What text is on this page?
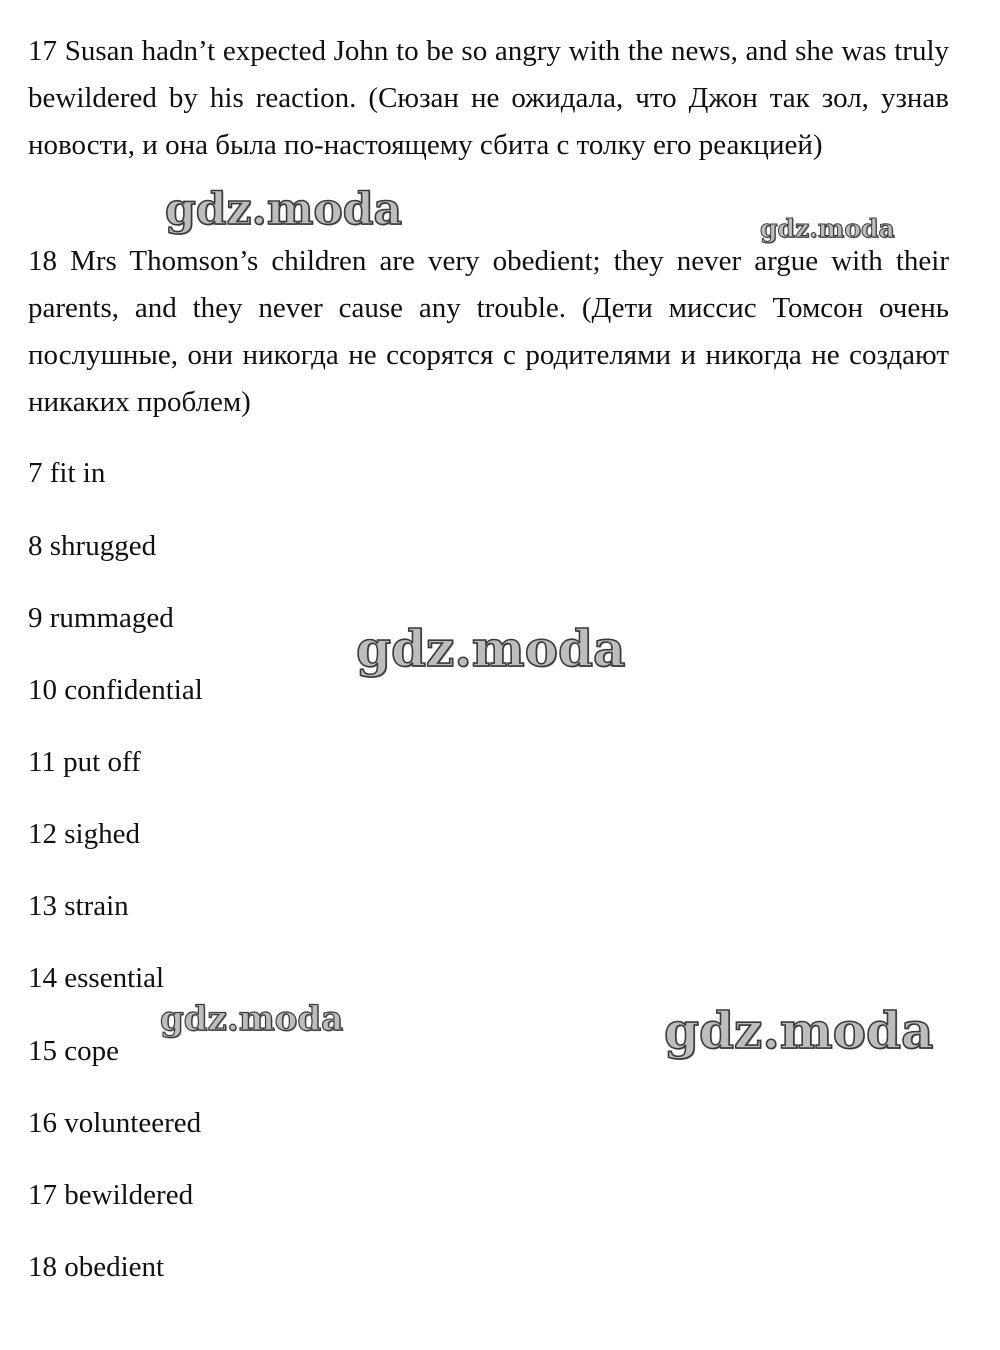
17 Susan hadn’t expected John to be so angry with the news, and she was truly bewildered by his reaction. (Сюзан не ожидала, что Джон так зол, узнав новости, и она была по-настоящему сбита с толку его реакцией)

18 Mrs Thomson’s children are very obedient; they never argue with their parents, and they never cause any trouble. (Дети миссис Томсон очень послушные, они никогда не ссорятся с родителями и никогда не создают никаких проблем)

7 fit in

8 shrugged

9 rummaged

10 confidential

11 put off

12 sighed

13 strain

14 essential

15 cope

16 volunteered

17 bewildered

18 obedient

gdz.moda	gdz.moda
gdz.moda
gdz.moda	gdz.moda
